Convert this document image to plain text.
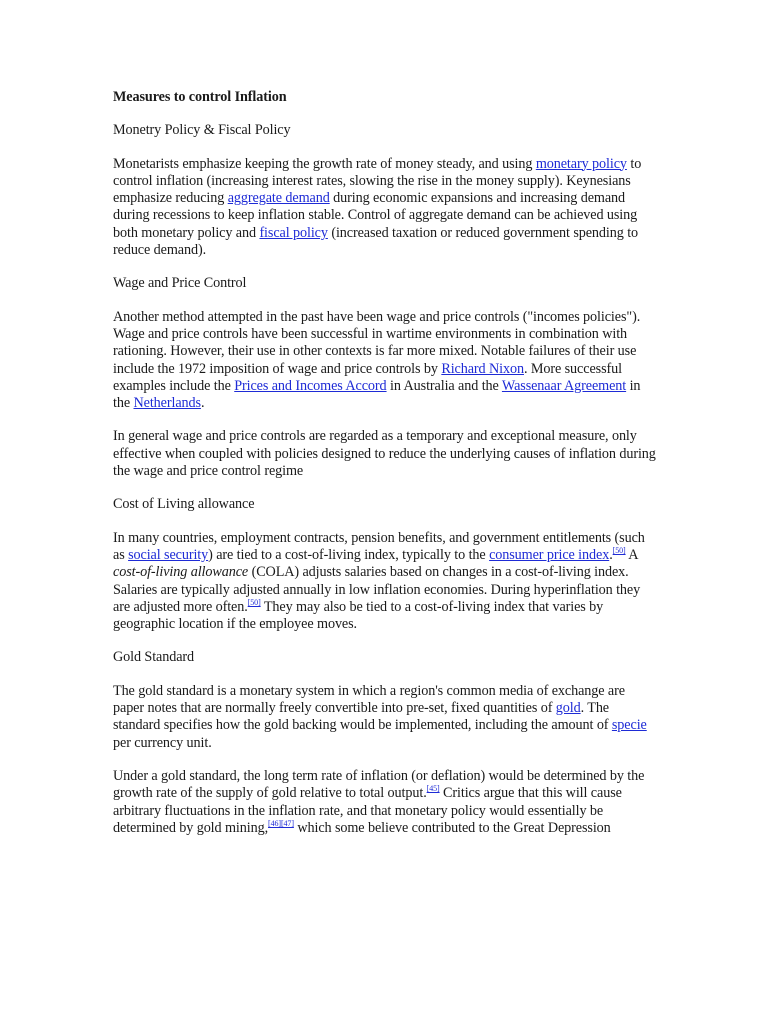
Measures to control Inflation

Monetry Policy & Fiscal Policy

Monetarists emphasize keeping the growth rate of money steady, and using monetary policy to control inflation (increasing interest rates, slowing the rise in the money supply). Keynesians emphasize reducing aggregate demand during economic expansions and increasing demand during recessions to keep inflation stable. Control of aggregate demand can be achieved using both monetary policy and fiscal policy (increased taxation or reduced government spending to reduce demand).

Wage and Price Control

Another method attempted in the past have been wage and price controls ("incomes policies"). Wage and price controls have been successful in wartime environments in combination with rationing. However, their use in other contexts is far more mixed. Notable failures of their use include the 1972 imposition of wage and price controls by Richard Nixon. More successful examples include the Prices and Incomes Accord in Australia and the Wassenaar Agreement in the Netherlands.

In general wage and price controls are regarded as a temporary and exceptional measure, only effective when coupled with policies designed to reduce the underlying causes of inflation during the wage and price control regime

Cost of Living allowance

In many countries, employment contracts, pension benefits, and government entitlements (such as social security) are tied to a cost-of-living index, typically to the consumer price index.[50] A cost-of-living allowance (COLA) adjusts salaries based on changes in a cost-of-living index. Salaries are typically adjusted annually in low inflation economies. During hyperinflation they are adjusted more often.[50] They may also be tied to a cost-of-living index that varies by geographic location if the employee moves.

Gold Standard

The gold standard is a monetary system in which a region's common media of exchange are paper notes that are normally freely convertible into pre-set, fixed quantities of gold. The standard specifies how the gold backing would be implemented, including the amount of specie per currency unit.

Under a gold standard, the long term rate of inflation (or deflation) would be determined by the growth rate of the supply of gold relative to total output.[45] Critics argue that this will cause arbitrary fluctuations in the inflation rate, and that monetary policy would essentially be determined by gold mining,[46][47] which some believe contributed to the Great Depression
